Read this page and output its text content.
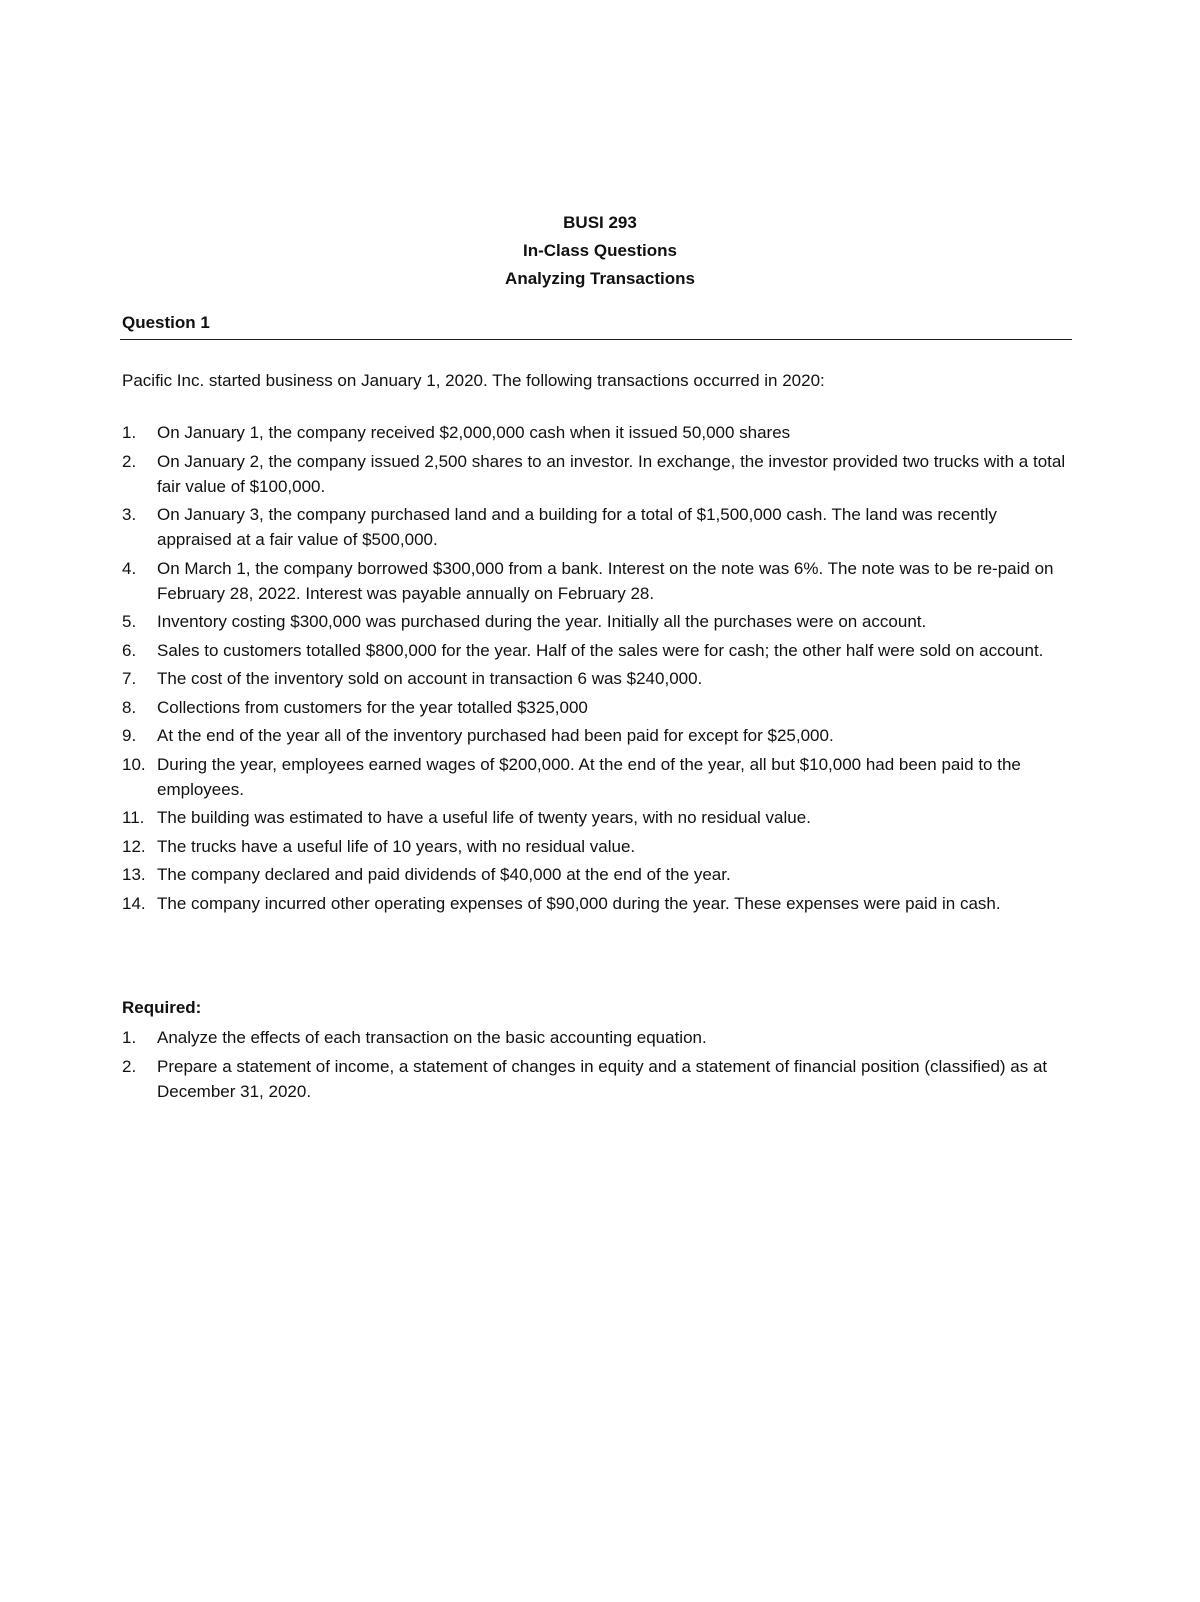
BUSI 293
In-Class Questions
Analyzing Transactions
Question 1
Pacific Inc. started business on January 1, 2020. The following transactions occurred in 2020:
1.	On January 1, the company received $2,000,000 cash when it issued 50,000 shares
2.	On January 2, the company issued 2,500 shares to an investor. In exchange, the investor provided two trucks with a total fair value of $100,000.
3.	On January 3, the company purchased land and a building for a total of $1,500,000 cash. The land was recently appraised at a fair value of $500,000.
4.	On March 1, the company borrowed $300,000 from a bank. Interest on the note was 6%. The note was to be re-paid on February 28, 2022. Interest was payable annually on February 28.
5.	Inventory costing $300,000 was purchased during the year. Initially all the purchases were on account.
6.	Sales to customers totalled $800,000 for the year. Half of the sales were for cash; the other half were sold on account.
7.	The cost of the inventory sold on account in transaction 6 was $240,000.
8.	Collections from customers for the year totalled $325,000
9.	At the end of the year all of the inventory purchased had been paid for except for $25,000.
10. During the year, employees earned wages of $200,000. At the end of the year, all but $10,000 had been paid to the employees.
11. The building was estimated to have a useful life of twenty years, with no residual value.
12. The trucks have a useful life of 10 years, with no residual value.
13. The company declared and paid dividends of $40,000 at the end of the year.
14. The company incurred other operating expenses of $90,000 during the year. These expenses were paid in cash.
Required:
1.	Analyze the effects of each transaction on the basic accounting equation.
2.	Prepare a statement of income, a statement of changes in equity and a statement of financial position (classified) as at December 31, 2020.
